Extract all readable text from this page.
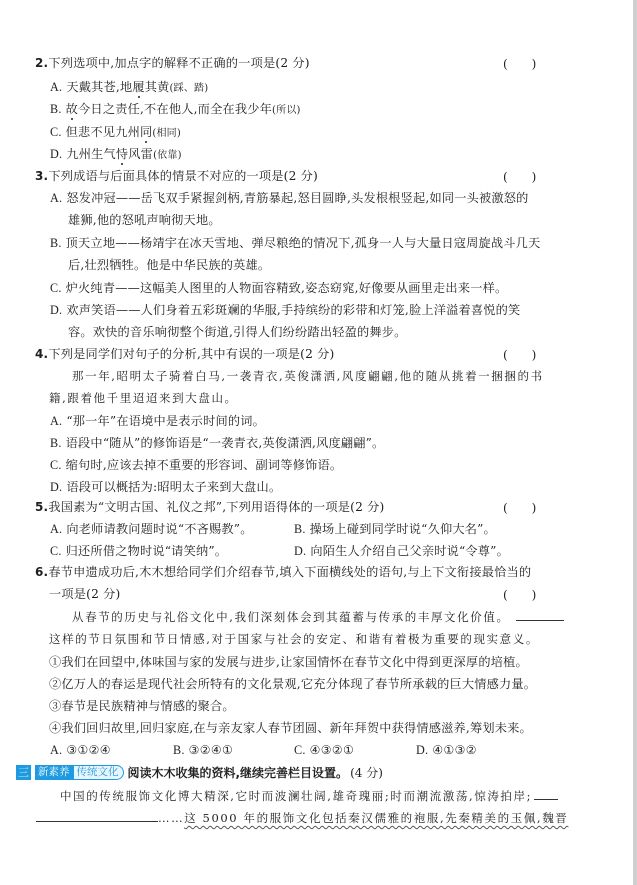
2.下列选项中,加点字的解释不正确的一项是(2 分)	(　　)
A. 天戴其苍,地履其黄(踩、踏)
B. 故今日之责任,不在他人,而全在我少年(所以)
C. 但悲不见九州同(相同)
D. 九州生气恃风雷(依靠)
3.下列成语与后面具体的情景不对应的一项是(2 分)	(　　)
A. 怒发冲冠——岳飞双手紧握剑柄,青筋暴起,怒目圆睁,头发根根竖起,如同一头被激怒的
雄狮,他的怒吼声响彻天地。
B. 顶天立地——杨靖宇在冰天雪地、弹尽粮绝的情况下,孤身一人与大量日寇周旋战斗几天
后,壮烈牺牲。他是中华民族的英雄。
C. 炉火纯青——这幅美人图里的人物面容精致,姿态窈窕,好像要从画里走出来一样。
D. 欢声笑语——人们身着五彩斑斓的华服,手持缤纷的彩带和灯笼,脸上洋溢着喜悦的笑
容。欢快的音乐响彻整个街道,引得人们纷纷踏出轻盈的舞步。
4.下列是同学们对句子的分析,其中有误的一项是(2 分)	(　　)
那一年,昭明太子骑着白马,一袭青衣,英俊潇洒,风度翩翩,他的随从挑着一捆捆的书
籍,跟着他千里迢迢来到大盘山。
A. “那一年”在语境中是表示时间的词。
B. 语段中“随从”的修饰语是“一袭青衣,英俊潇洒,风度翩翩”。
C. 缩句时,应该去掉不重要的形容词、副词等修饰语。
D. 语段可以概括为:昭明太子来到大盘山。
5.我国素为“文明古国、礼仪之邦”,下列用语得体的一项是(2 分)	(　　)
A. 向老师请教问题时说“不吝赐教”。	B. 操场上碰到同学时说“久仰大名”。
C. 归还所借之物时说“请笑纳”。	D. 向陌生人介绍自己父亲时说“令尊”。
6.春节申遗成功后,木木想给同学们介绍春节,填入下面横线处的语句,与上下文衔接最恰当的
一项是(2 分)	(　　)
从春节的历史与礼俗文化中,我们深刻体会到其蕴蓄与传承的丰厚文化价值。
这样的节日氛围和节日情感,对于国家与社会的安定、和谐有着极为重要的现实意义。
①我们在回望中,体味国与家的发展与进步,让家国情怀在春节文化中得到更深厚的培植。
②亿万人的春运是现代社会所特有的文化景观,它充分体现了春节所承载的巨大情感力量。
③春节是民族精神与情感的聚合。
④我们回归故里,回归家庭,在与亲友家人春节团圆、新年拜贺中获得情感滋养,筹划未来。
A. ③①②④	B. ③②④①	C. ④③②①	D. ④①③②
三 新素养 传统文化 阅读木木收集的资料,继续完善栏目设置。 (4 分)
中国的传统服饰文化博大精深,它时而波澜壮阔,雄奇瑰丽;时而潮流激荡,惊涛拍岸;
……这 5000 年的服饰文化包括秦汉儒雅的袍服,先秦精美的玉佩,魏晋
